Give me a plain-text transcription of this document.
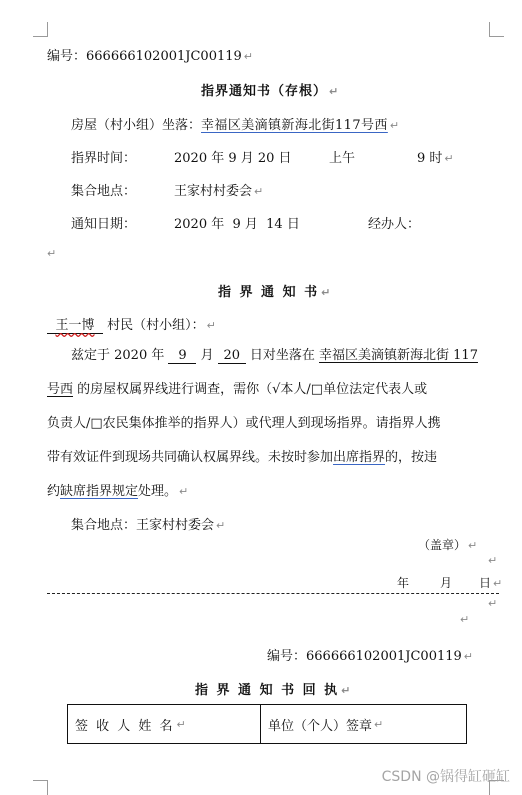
编号：666666102001JC00119 ↵
指界通知书（存根） ↵
房屋（村小组）坐落：幸福区美滴镇新海北街117号西 ↵
指界时间：	2020 年 9 月 20 日	上午	9 时 ↵
集合地点：	王家村村委会 ↵
通知日期：	2020 年  9 月  14 日	经办人：
↵
指 界 通 知 书 ↵
王一博 村民（村小组）： ↵
兹定于 2020 年 9 月 20 日对坐落在 幸福区美滴镇新海北街 117
号西 的房屋权属界线进行调查，需你（√本人/□单位法定代表人或
负责人/□农民集体推举的指界人）或代理人到现场指界。请指界人携
带有效证件到现场共同确认权属界线。未按时参加出席指界的，按违
约缺席指界规定处理。 ↵
集合地点：王家村村委会 ↵
（盖章） ↵
↵
年	月 日 ↵
↵
↵
编号：666666102001JC00119 ↵
指 界 通 知 书 回 执 ↵
签 收 人 姓 名 ↵	单位（个人）签章 ↵
CSDN @锅得缸砸缸
